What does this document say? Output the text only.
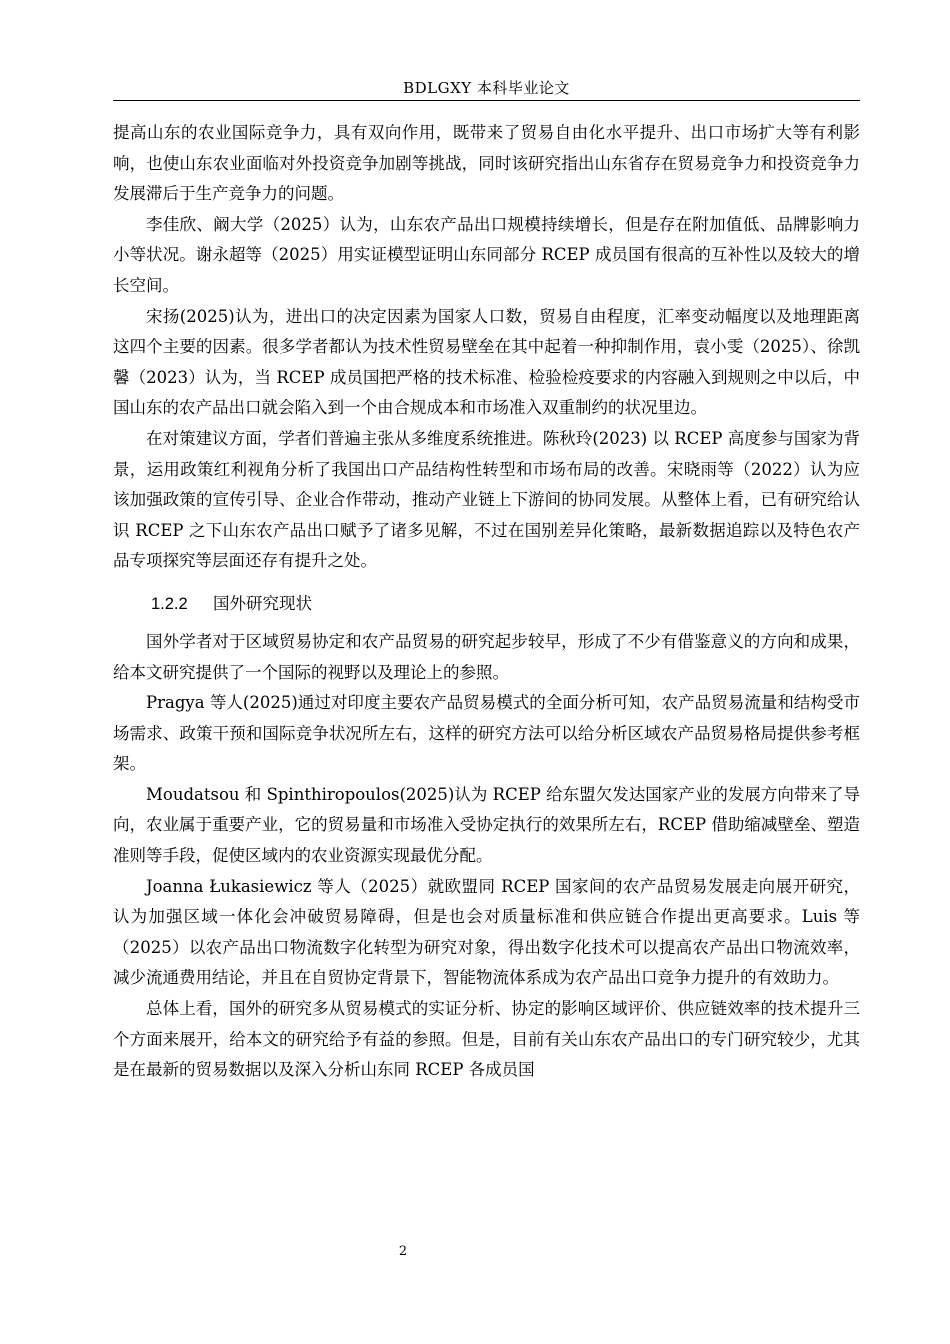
BDLGXY 本科毕业论文

提高山东的农业国际竞争力，具有双向作用，既带来了贸易自由化水平提升、出口市场扩大等有利影响，也使山东农业面临对外投资竞争加剧等挑战，同时该研究指出山东省存在贸易竞争力和投资竞争力发展滞后于生产竞争力的问题。

李佳欣、阚大学（2025）认为，山东农产品出口规模持续增长，但是存在附加值低、品牌影响力小等状况。谢永超等（2025）用实证模型证明山东同部分 RCEP 成员国有很高的互补性以及较大的增长空间。

宋扬(2025)认为，进出口的决定因素为国家人口数，贸易自由程度，汇率变动幅度以及地理距离这四个主要的因素。很多学者都认为技术性贸易壁垒在其中起着一种抑制作用，袁小雯（2025）、徐凯馨（2023）认为，当 RCEP 成员国把严格的技术标准、检验检疫要求的内容融入到规则之中以后，中国山东的农产品出口就会陷入到一个由合规成本和市场准入双重制约的状况里边。

在对策建议方面，学者们普遍主张从多维度系统推进。陈秋玲(2023) 以 RCEP 高度参与国家为背景，运用政策红利视角分析了我国出口产品结构性转型和市场布局的改善。宋晓雨等（2022）认为应该加强政策的宣传引导、企业合作带动，推动产业链上下游间的协同发展。从整体上看，已有研究给认识 RCEP 之下山东农产品出口赋予了诸多见解，不过在国别差异化策略，最新数据追踪以及特色农产品专项探究等层面还存有提升之处。

1.2.2 国外研究现状

国外学者对于区域贸易协定和农产品贸易的研究起步较早，形成了不少有借鉴意义的方向和成果，给本文研究提供了一个国际的视野以及理论上的参照。

Pragya 等人(2025)通过对印度主要农产品贸易模式的全面分析可知，农产品贸易流量和结构受市场需求、政策干预和国际竞争状况所左右，这样的研究方法可以给分析区域农产品贸易格局提供参考框架。

Moudatsou 和 Spinthiropoulos(2025)认为 RCEP 给东盟欠发达国家产业的发展方向带来了导向，农业属于重要产业，它的贸易量和市场准入受协定执行的效果所左右，RCEP 借助缩减壁垒、塑造准则等手段，促使区域内的农业资源实现最优分配。

Joanna Łukasiewicz 等人（2025）就欧盟同 RCEP 国家间的农产品贸易发展走向展开研究，认为加强区域一体化会冲破贸易障碍，但是也会对质量标准和供应链合作提出更高要求。Luis 等（2025）以农产品出口物流数字化转型为研究对象，得出数字化技术可以提高农产品出口物流效率，减少流通费用结论，并且在自贸协定背景下，智能物流体系成为农产品出口竞争力提升的有效助力。

总体上看，国外的研究多从贸易模式的实证分析、协定的影响区域评价、供应链效率的技术提升三个方面来展开，给本文的研究给予有益的参照。但是，目前有关山东农产品出口的专门研究较少，尤其是在最新的贸易数据以及深入分析山东同 RCEP 各成员国

2
